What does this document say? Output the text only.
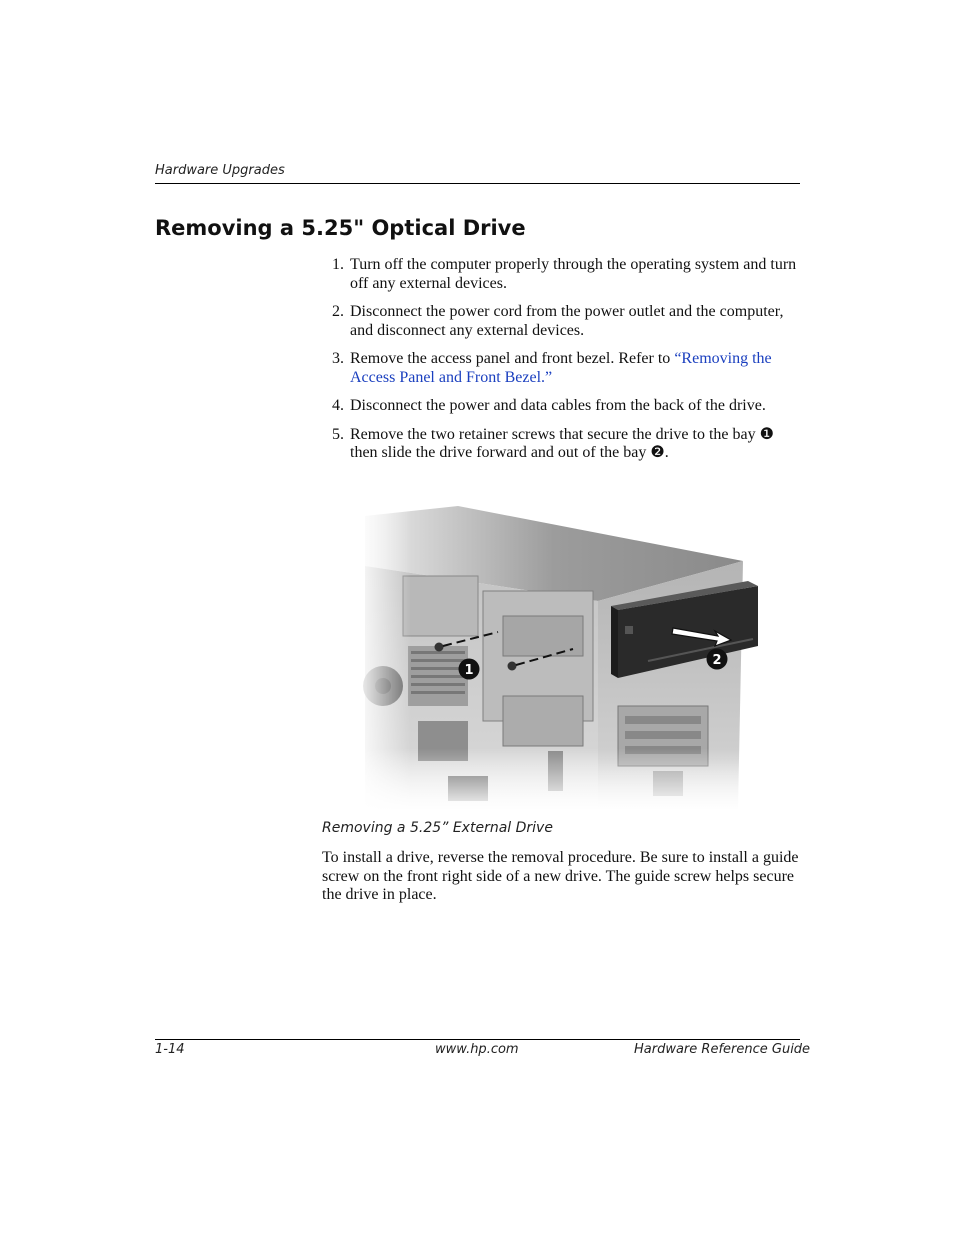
Hardware Upgrades
Removing a 5.25" Optical Drive
1. Turn off the computer properly through the operating system and turn off any external devices.
2. Disconnect the power cord from the power outlet and the computer, and disconnect any external devices.
3. Remove the access panel and front bezel. Refer to “Removing the Access Panel and Front Bezel.”
4. Disconnect the power and data cables from the back of the drive.
5. Remove the two retainer screws that secure the drive to the bay ❶ then slide the drive forward and out of the bay ❷.
Removing a 5.25” External Drive
To install a drive, reverse the removal procedure. Be sure to install a guide screw on the front right side of a new drive. The guide screw helps secure the drive in place.
1-14	www.hp.com	Hardware Reference Guide
